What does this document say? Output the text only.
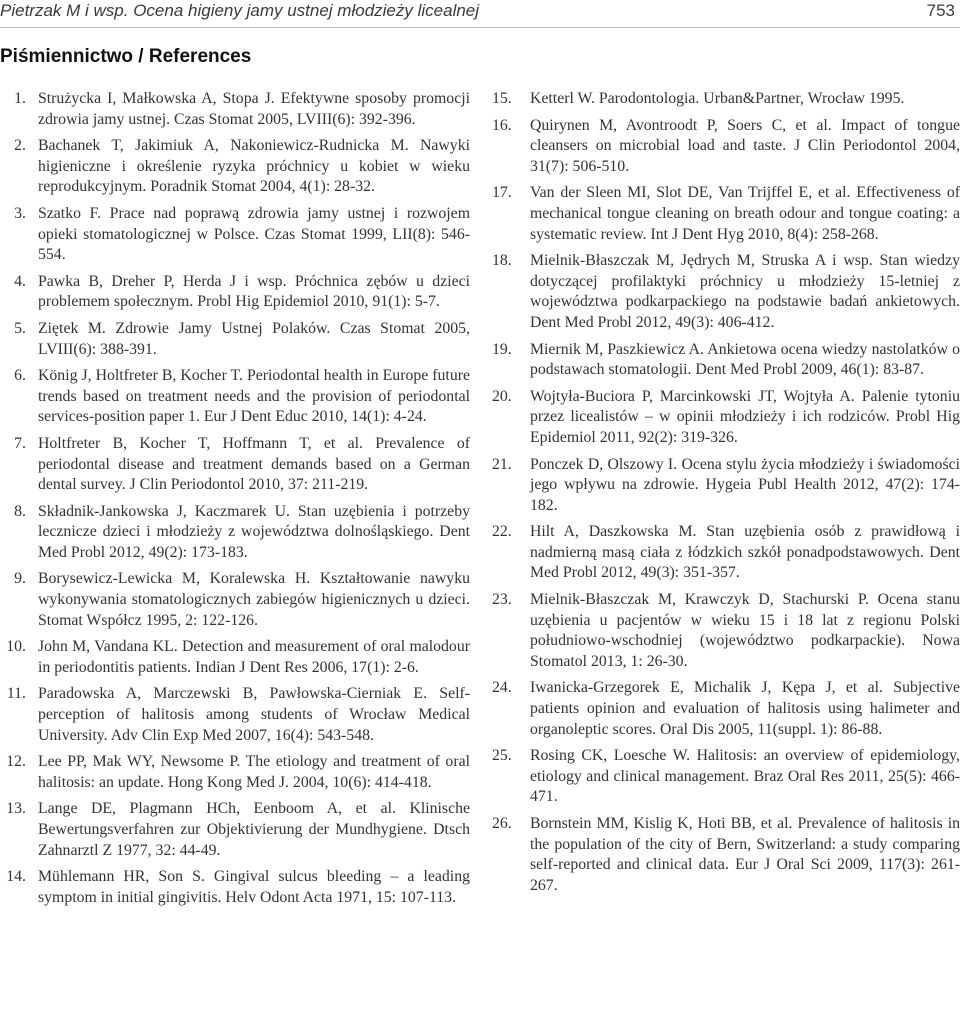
Pietrzak M i wsp. Ocena higieny jamy ustnej młodzieży licealnej	753
Piśmiennictwo / References
1. Strużycka I, Małkowska A, Stopa J. Efektywne sposoby promocji zdrowia jamy ustnej. Czas Stomat 2005, LVIII(6): 392-396.
2. Bachanek T, Jakimiuk A, Nakoniewicz-Rudnicka M. Nawyki higieniczne i określenie ryzyka próchnicy u kobiet w wieku reprodukcyjnym. Poradnik Stomat 2004, 4(1): 28-32.
3. Szatko F. Prace nad poprawą zdrowia jamy ustnej i rozwojem opieki stomatologicznej w Polsce. Czas Stomat 1999, LII(8): 546-554.
4. Pawka B, Dreher P, Herda J i wsp. Próchnica zębów u dzieci problemem społecznym. Probl Hig Epidemiol 2010, 91(1): 5-7.
5. Ziętek M. Zdrowie Jamy Ustnej Polaków. Czas Stomat 2005, LVIII(6): 388-391.
6. König J, Holtfreter B, Kocher T. Periodontal health in Europe future trends based on treatment needs and the provision of periodontal services-position paper 1. Eur J Dent Educ 2010, 14(1): 4-24.
7. Holtfreter B, Kocher T, Hoffmann T, et al. Prevalence of periodontal disease and treatment demands based on a German dental survey. J Clin Periodontol 2010, 37: 211-219.
8. Składnik-Jankowska J, Kaczmarek U. Stan uzębienia i potrzeby lecznicze dzieci i młodzieży z województwa dolnośląskiego. Dent Med Probl 2012, 49(2): 173-183.
9. Borysewicz-Lewicka M, Koralewska H. Kształtowanie nawyku wykonywania stomatologicznych zabiegów higienicznych u dzieci. Stomat Współcz 1995, 2: 122-126.
10. John M, Vandana KL. Detection and measurement of oral malodour in periodontitis patients. Indian J Dent Res 2006, 17(1): 2-6.
11. Paradowska A, Marczewski B, Pawłowska-Cierniak E. Self-perception of halitosis among students of Wrocław Medical University. Adv Clin Exp Med 2007, 16(4): 543-548.
12. Lee PP, Mak WY, Newsome P. The etiology and treatment of oral halitosis: an update. Hong Kong Med J. 2004, 10(6): 414-418.
13. Lange DE, Plagmann HCh, Eenboom A, et al. Klinische Bewertungsverfahren zur Objektivierung der Mundhygiene. Dtsch Zahnarztl Z 1977, 32: 44-49.
14. Mühlemann HR, Son S. Gingival sulcus bleeding – a leading symptom in initial gingivitis. Helv Odont Acta 1971, 15: 107-113.
15.	Ketterl W. Parodontologia. Urban&Partner, Wrocław 1995.
16.	Quirynen M, Avontroodt P, Soers C, et al. Impact of tongue cleansers on microbial load and taste. J Clin Periodontol 2004, 31(7): 506-510.
17.	Van der Sleen MI, Slot DE, Van Trijffel E, et al. Effectiveness of mechanical tongue cleaning on breath odour and tongue coating: a systematic review. Int J Dent Hyg 2010, 8(4): 258-268.
18.	Mielnik-Błaszczak M, Jędrych M, Struska A i wsp. Stan wiedzy dotyczącej profilaktyki próchnicy u młodzieży 15-letniej z województwa podkarpackiego na podstawie badań ankietowych. Dent Med Probl 2012, 49(3): 406-412.
19.	Miernik M, Paszkiewicz A. Ankietowa ocena wiedzy nastolatków o podstawach stomatologii. Dent Med Probl 2009, 46(1): 83-87.
20.	Wojtyła-Buciora P, Marcinkowski JT, Wojtyła A. Palenie tytoniu przez licealistów – w opinii młodzieży i ich rodziców. Probl Hig Epidemiol 2011, 92(2): 319-326.
21.	Ponczek D, Olszowy I. Ocena stylu życia młodzieży i świadomości jego wpływu na zdrowie. Hygeia Publ Health 2012, 47(2): 174-182.
22.	Hilt A, Daszkowska M. Stan uzębienia osób z prawidłową i nadmierną masą ciała z łódzkich szkół ponadpodstawowych. Dent Med Probl 2012, 49(3): 351-357.
23.	Mielnik-Błaszczak M, Krawczyk D, Stachurski P. Ocena stanu uzębienia u pacjentów w wieku 15 i 18 lat z regionu Polski południowo-wschodniej (województwo podkarpackie). Nowa Stomatol 2013, 1: 26-30.
24.	Iwanicka-Grzegorek E, Michalik J, Kępa J, et al. Subjective patients opinion and evaluation of halitosis using halimeter and organoleptic scores. Oral Dis 2005, 11(suppl. 1): 86-88.
25.	Rosing CK, Loesche W. Halitosis: an overview of epidemiology, etiology and clinical management. Braz Oral Res 2011, 25(5): 466-471.
26.	Bornstein MM, Kislig K, Hoti BB, et al. Prevalence of halitosis in the population of the city of Bern, Switzerland: a study comparing self-reported and clinical data. Eur J Oral Sci 2009, 117(3): 261-267.
